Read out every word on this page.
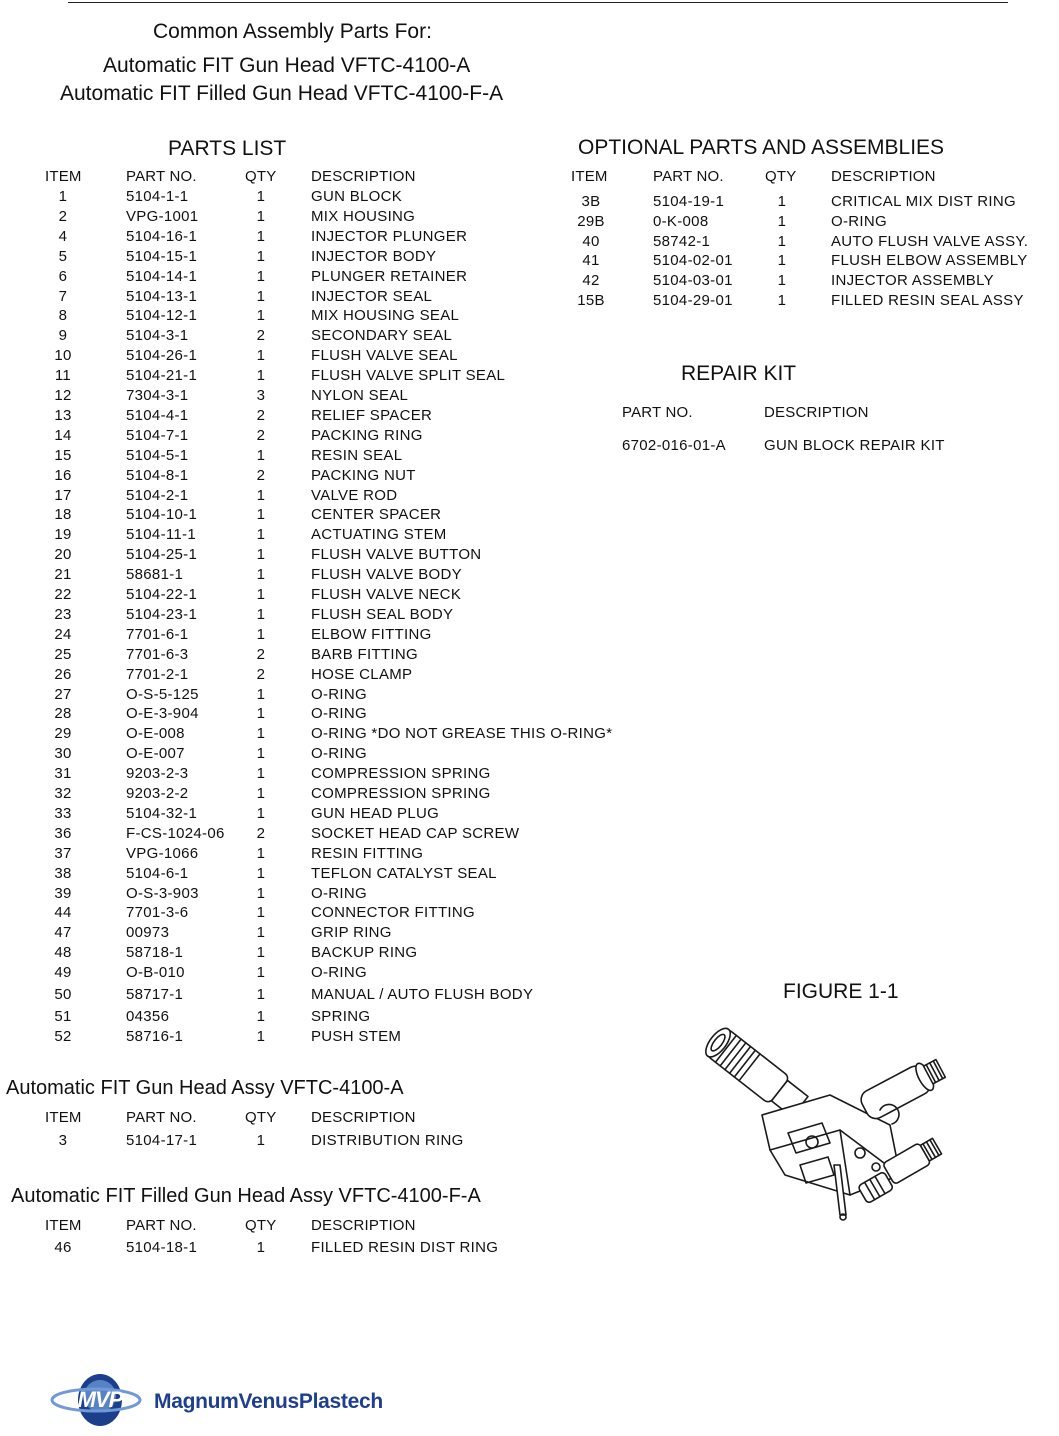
Common Assembly Parts For:
Automatic FIT Gun Head VFTC-4100-A
Automatic FIT Filled Gun Head VFTC-4100-F-A
PARTS LIST
ITEM	PART NO.	QTY DESCRIPTION
1	5104-1-1	1	GUN BLOCK
2	VPG-1001	1	MIX HOUSING
4	5104-16-1	1	INJECTOR PLUNGER
5	5104-15-1	1	INJECTOR BODY
6	5104-14-1	1	PLUNGER RETAINER
7	5104-13-1	1	INJECTOR SEAL
8	5104-12-1	1	MIX HOUSING SEAL
9	5104-3-1	2	SECONDARY SEAL
10	5104-26-1	1	FLUSH VALVE SEAL
11	5104-21-1	1	FLUSH VALVE SPLIT SEAL
12	7304-3-1	3	NYLON SEAL
13	5104-4-1	2	RELIEF SPACER
14	5104-7-1	2	PACKING RING
15	5104-5-1	1	RESIN SEAL
16	5104-8-1	2	PACKING NUT
17	5104-2-1	1	VALVE ROD
18	5104-10-1	1	CENTER SPACER
19	5104-11-1	1	ACTUATING STEM
20	5104-25-1	1	FLUSH VALVE BUTTON
21	58681-1	1	FLUSH VALVE BODY
22	5104-22-1	1	FLUSH VALVE NECK
23	5104-23-1	1	FLUSH SEAL BODY
24	7701-6-1	1	ELBOW FITTING
25	7701-6-3	2	BARB FITTING
26	7701-2-1	2	HOSE CLAMP
27	O-S-5-125	1	O-RING
28	O-E-3-904	1	O-RING
29	O-E-008	1	O-RING *DO NOT GREASE THIS O-RING*
30	O-E-007	1	O-RING
31	9203-2-3	1	COMPRESSION SPRING
32	9203-2-2	1	COMPRESSION SPRING
33	5104-32-1	1	GUN HEAD PLUG
36	F-CS-1024-06	2	SOCKET HEAD CAP SCREW
37	VPG-1066	1	RESIN FITTING
38	5104-6-1	1	TEFLON CATALYST SEAL
39	O-S-3-903	1	O-RING
44	7701-3-6	1	CONNECTOR FITTING
47	00973	1	GRIP RING
48	58718-1	1	BACKUP RING
49	O-B-010	1	O-RING
50	58717-1	1	MANUAL / AUTO FLUSH BODY
51	04356	1	SPRING
52	58716-1	1	PUSH STEM
OPTIONAL PARTS AND ASSEMBLIES
ITEM	PART NO.	QTY DESCRIPTION
3B	5104-19-1	1	CRITICAL MIX DIST RING
29B	0-K-008	1	O-RING
40	58742-1	1	AUTO FLUSH VALVE ASSY.
41	5104-02-01	1	FLUSH ELBOW ASSEMBLY
42	5104-03-01	1	INJECTOR ASSEMBLY
15B	5104-29-01	1	FILLED RESIN SEAL ASSY
REPAIR KIT
PART NO.	DESCRIPTION
6702-016-01-A	GUN BLOCK REPAIR KIT
Automatic FIT Gun Head Assy VFTC-4100-A
ITEM	PART NO.	QTY DESCRIPTION
3	5104-17-1	1	DISTRIBUTION RING
Automatic FIT Filled Gun Head Assy VFTC-4100-F-A
ITEM	PART NO.	QTY DESCRIPTION
46	5104-18-1	1	FILLED RESIN DIST RING
FIGURE 1-1
MVP	MagnumVenusPlastech
